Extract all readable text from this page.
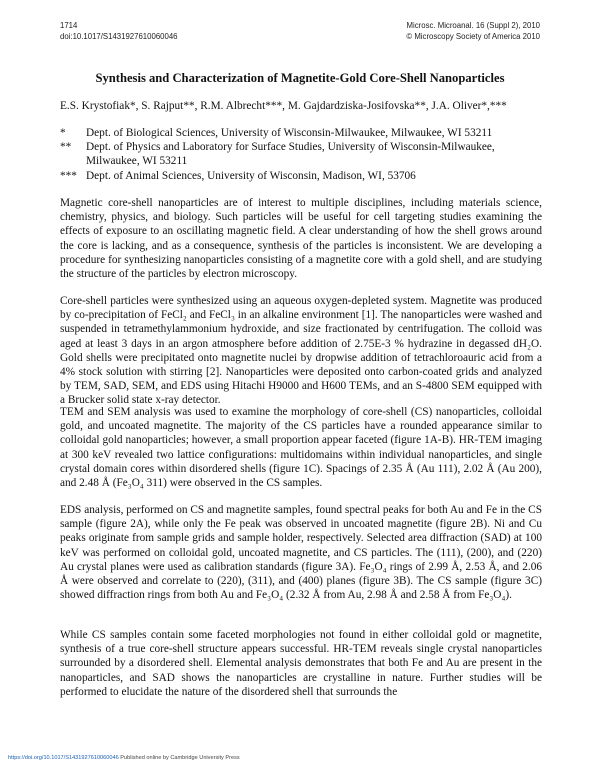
1714
doi:10.1017/S1431927610060046
Microsc. Microanal. 16 (Suppl 2), 2010
© Microscopy Society of America 2010
Synthesis and Characterization of Magnetite-Gold Core-Shell Nanoparticles
E.S. Krystofiak*, S. Rajput**, R.M. Albrecht***, M. Gajdardziska-Josifovska**, J.A. Oliver*,***
*	Dept. of Biological Sciences, University of Wisconsin-Milwaukee, Milwaukee, WI 53211
**	Dept. of Physics and Laboratory for Surface Studies, University of Wisconsin-Milwaukee, Milwaukee, WI 53211
*** Dept. of Animal Sciences, University of Wisconsin, Madison, WI, 53706

Magnetic core-shell nanoparticles are of interest to multiple disciplines, including materials science, chemistry, physics, and biology. Such particles will be useful for cell targeting studies examining the effects of exposure to an oscillating magnetic field. A clear understanding of how the shell grows around the core is lacking, and as a consequence, synthesis of the particles is inconsistent. We are developing a procedure for synthesizing nanoparticles consisting of a magnetite core with a gold shell, and are studying the structure of the particles by electron microscopy.

Core-shell particles were synthesized using an aqueous oxygen-depleted system. Magnetite was produced by co-precipitation of FeCl₂ and FeCl₃ in an alkaline environment [1]. The nanoparticles were washed and suspended in tetramethylammonium hydroxide, and size fractionated by centrifugation. The colloid was aged at least 3 days in an argon atmosphere before addition of 2.75E-3 % hydrazine in degassed dH₂O. Gold shells were precipitated onto magnetite nuclei by dropwise addition of tetrachloroauric acid from a 4% stock solution with stirring [2]. Nanoparticles were deposited onto carbon-coated grids and analyzed by TEM, SAD, SEM, and EDS using Hitachi H9000 and H600 TEMs, and an S-4800 SEM equipped with a Brucker solid state x-ray detector.

TEM and SEM analysis was used to examine the morphology of core-shell (CS) nanoparticles, colloidal gold, and uncoated magnetite. The majority of the CS particles have a rounded appearance similar to colloidal gold nanoparticles; however, a small proportion appear faceted (figure 1A-B). HR-TEM imaging at 300 keV revealed two lattice configurations: multidomains within individual nanoparticles, and single crystal domain cores within disordered shells (figure 1C). Spacings of 2.35 Å (Au 111), 2.02 Å (Au 200), and 2.48 Å (Fe₃O₄ 311) were observed in the CS samples.

EDS analysis, performed on CS and magnetite samples, found spectral peaks for both Au and Fe in the CS sample (figure 2A), while only the Fe peak was observed in uncoated magnetite (figure 2B). Ni and Cu peaks originate from sample grids and sample holder, respectively. Selected area diffraction (SAD) at 100 keV was performed on colloidal gold, uncoated magnetite, and CS particles. The (111), (200), and (220) Au crystal planes were used as calibration standards (figure 3A). Fe₃O₄ rings of 2.99 Å, 2.53 Å, and 2.06 Å were observed and correlate to (220), (311), and (400) planes (figure 3B). The CS sample (figure 3C) showed diffraction rings from both Au and Fe₃O₄ (2.32 Å from Au, 2.98 Å and 2.58 Å from Fe₃O₄).

While CS samples contain some faceted morphologies not found in either colloidal gold or magnetite, synthesis of a true core-shell structure appears successful. HR-TEM reveals single crystal nanoparticles surrounded by a disordered shell. Elemental analysis demonstrates that both Fe and Au are present in the nanoparticles, and SAD shows the nanoparticles are crystalline in nature. Further studies will be performed to elucidate the nature of the disordered shell that surrounds the

https://doi.org/10.1017/S1431927610060046 Published online by Cambridge University Press
